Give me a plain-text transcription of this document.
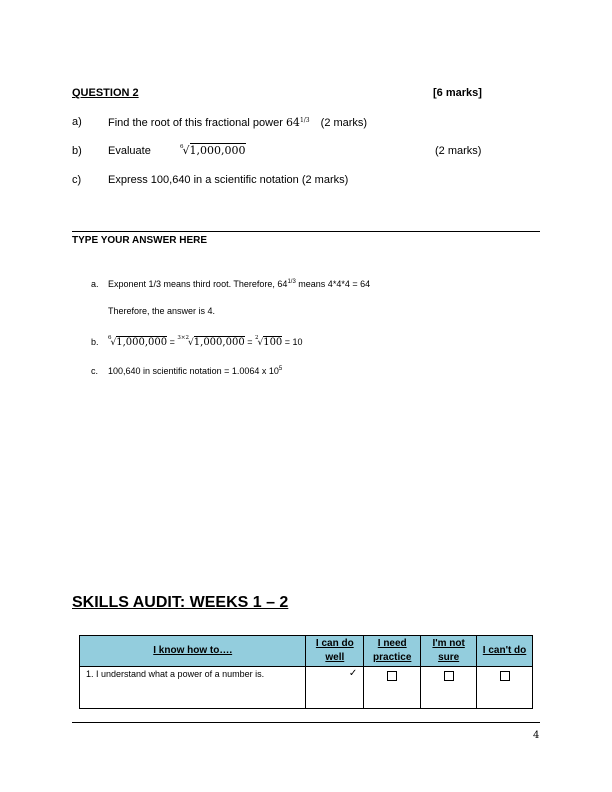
QUESTION 2	[6 marks]
a) Find the root of this fractional power $64^{1/3}$ (2 marks)
b) Evaluate	$^6$√1,000,000	(2 marks)
c) Express 100,640 in a scientific notation (2 marks)
TYPE YOUR ANSWER HERE
a. Exponent 1/3 means third root. Therefore, $64^{1/3}$ means 4*4*4 = 64
Therefore, the answer is 4.
b. $^6$√1,000,000 = $^{3\times 2}$√1,000,000 = $^2$√100 = 10
c. 100,640 in scientific notation = 1.0064 x $10^5$
SKILLS AUDIT: WEEKS 1 – 2
I know how to….	I can do well	I need practice	I'm not sure	I can't do
1. I understand what a power of a number is.	✓			
4
